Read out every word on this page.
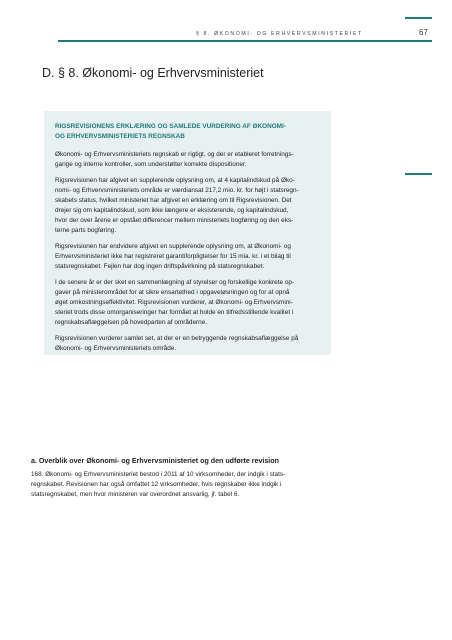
§ 8. ØKONOMI- OG ERHVERVSMINISTERIET	67
D. § 8. Økonomi- og Erhvervsministeriet
RIGSREVISIONENS ERKLÆRING OG SAMLEDE VURDERING AF ØKONOMI-
OG ERHVERVSMINISTERIETS REGNSKAB

Økonomi- og Erhvervsministeriets regnskab er rigtigt, og der er etableret forretnings-
gange og interne kontroller, som understøtter korrekte dispositioner.

Rigsrevisionen har afgivet en supplerende oplysning om, at 4 kapitalindskud på Øko-
nomi- og Erhvervsministeriets område er værdiansat 217,2 mio. kr. for højt i statsregn-
skabets status, hvilket ministeriet har afgivet en erklæring om til Rigsrevisionen. Det
drejer sig om kapitalindskud, som ikke længere er eksisterende, og kapitalindskud,
hvor der over årene er opstået differencer mellem ministeriets bogføring og den eks-
terne parts bogføring.

Rigsrevisionen har endvidere afgivet en supplerende oplysning om, at Økonomi- og
Erhvervsministeriet ikke har registreret garantiforpligtelser for 15 mia. kr. i et bilag til
statsregnskabet. Fejlen har dog ingen driftspåvirkning på statsregnskabet.

I de senere år er der sket en sammenlægning af styrelser og forskellige konkrete op-
gaver på ministerområdet for at sikre ensartethed i opgaveløsningen og for at opnå
øget omkostningseffektivitet. Rigsrevisionen vurderer, at Økonomi- og Erhvervsmini-
steriet trods disse omorganiseringer har formået at holde en tilfredsstillende kvalitet i
regnskabsaflæggelsen på hovedparten af områderne.

Rigsrevisionen vurderer samlet set, at der er en betryggende regnskabsaflæggelse på
Økonomi- og Erhvervsministeriets område.

a. Overblik over Økonomi- og Erhvervsministeriet og den udførte revision
168. Økonomi- og Erhvervsministeriet bestod i 2011 af 10 virksomheder, der indgik i stats-
regnskabet. Revisionen har også omfattet 12 virksomheder, hvis regnskaber ikke indgik i
statsregnskabet, men hvor ministeren var overordnet ansvarlig, jf. tabel 6.
